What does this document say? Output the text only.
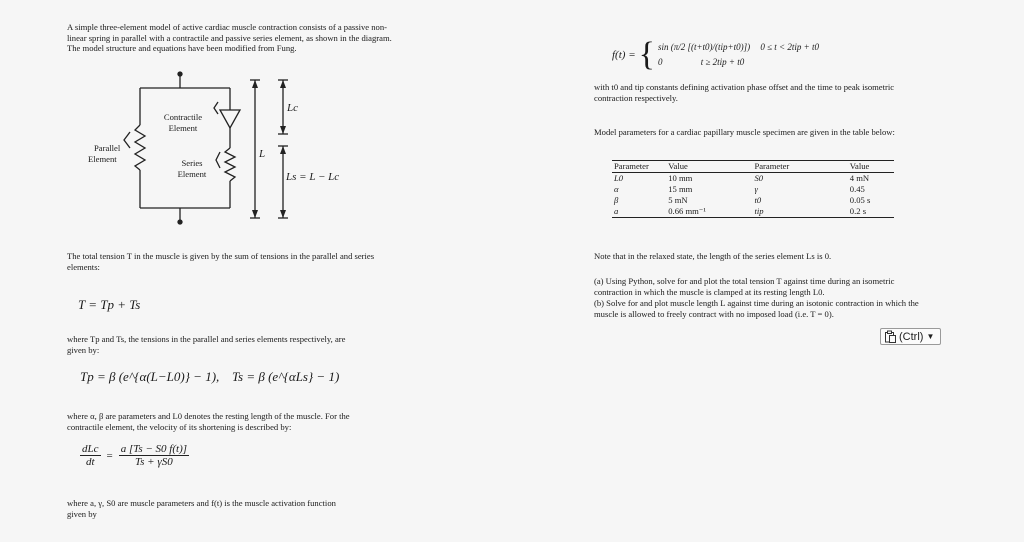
A simple three-element model of active cardiac muscle contraction consists of a passive non-
linear spring in parallel with a contractile and passive series element, as shown in the diagram.
The model structure and equations have been modified from Fung.
Contractile
Element
Parallel
Element	Series
Element
Lc
L
Ls = L − Lc
The total tension T in the muscle is given by the sum of tensions in the parallel and series
elements:
T = Tp + Ts
where Tp and Ts, the tensions in the parallel and series elements respectively, are
given by:
Tp = β (e^{α(L−L0)} − 1), Ts = β (e^{αLs} − 1)
where α, β are parameters and L0 denotes the resting length of the muscle. For the
contractile element, the velocity of its shortening is described by:
$\frac{\text{dLc}}{dt} = \frac{a [Ts - S0 f(t)]}{Ts + \gamma S0}$
where a, γ, S0 are muscle parameters and f(t) is the muscle activation function
given by
f(t) = { sin (π/2 [(t+t0)/(tip+t0)]) 0 ≤ t < 2tip + t0
0	t ≥ 2tip + t0
with t0 and tip constants defining activation phase offset and the time to peak isometric
contraction respectively.
Model parameters for a cardiac papillary muscle specimen are given in the table below:
Parameter	Value	Parameter	Value
L0	10 mm	S0	4 mN
α	15 mm	γ	0.45
β	5 mN	t0	0.05 s
a	0.66 mm⁻¹	tip	0.2 s
Note that in the relaxed state, the length of the series element Ls is 0.
(a) Using Python, solve for and plot the total tension T against time during an isometric
contraction in which the muscle is clamped at its resting length L0.
(b) Solve for and plot muscle length L against time during an isotonic contraction in which the
muscle is allowed to freely contract with no imposed load (i.e. T = 0).
(Ctrl) ▼
